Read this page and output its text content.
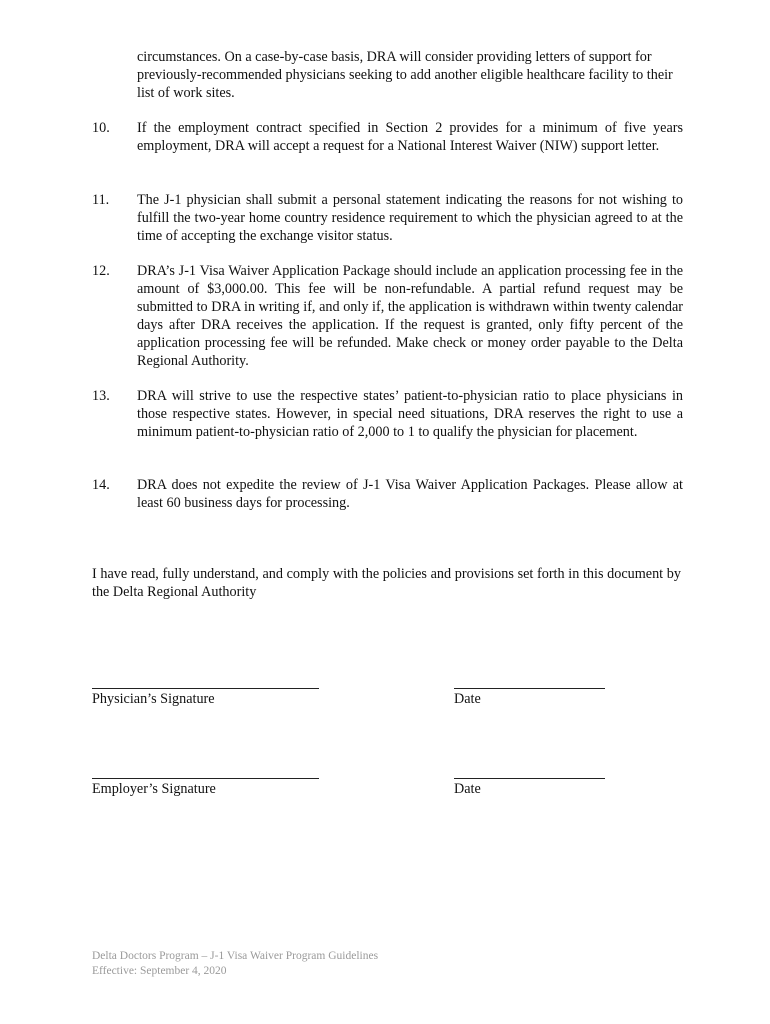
circumstances. On a case-by-case basis, DRA will consider providing letters of support for previously-recommended physicians seeking to add another eligible healthcare facility to their list of work sites.

10.	If the employment contract specified in Section 2 provides for a minimum of five years employment, DRA will accept a request for a National Interest Waiver (NIW) support letter.
11.	The J-1 physician shall submit a personal statement indicating the reasons for not wishing to fulfill the two-year home country residence requirement to which the physician agreed to at the time of accepting the exchange visitor status.
12.	DRA’s J-1 Visa Waiver Application Package should include an application processing fee in the amount of $3,000.00. This fee will be non-refundable. A partial refund request may be submitted to DRA in writing if, and only if, the application is withdrawn within twenty calendar days after DRA receives the application. If the request is granted, only fifty percent of the application processing fee will be refunded. Make check or money order payable to the Delta Regional Authority.
13.	DRA will strive to use the respective states’ patient-to-physician ratio to place physicians in those respective states. However, in special need situations, DRA reserves the right to use a minimum patient-to-physician ratio of 2,000 to 1 to qualify the physician for placement.
14.	DRA does not expedite the review of J-1 Visa Waiver Application Packages. Please allow at least 60 business days for processing.

I have read, fully understand, and comply with the policies and provisions set forth in this document by the Delta Regional Authority

Physician’s Signature	Date
Employer’s Signature	Date
Delta Doctors Program – J-1 Visa Waiver Program Guidelines
Effective: September 4, 2020
